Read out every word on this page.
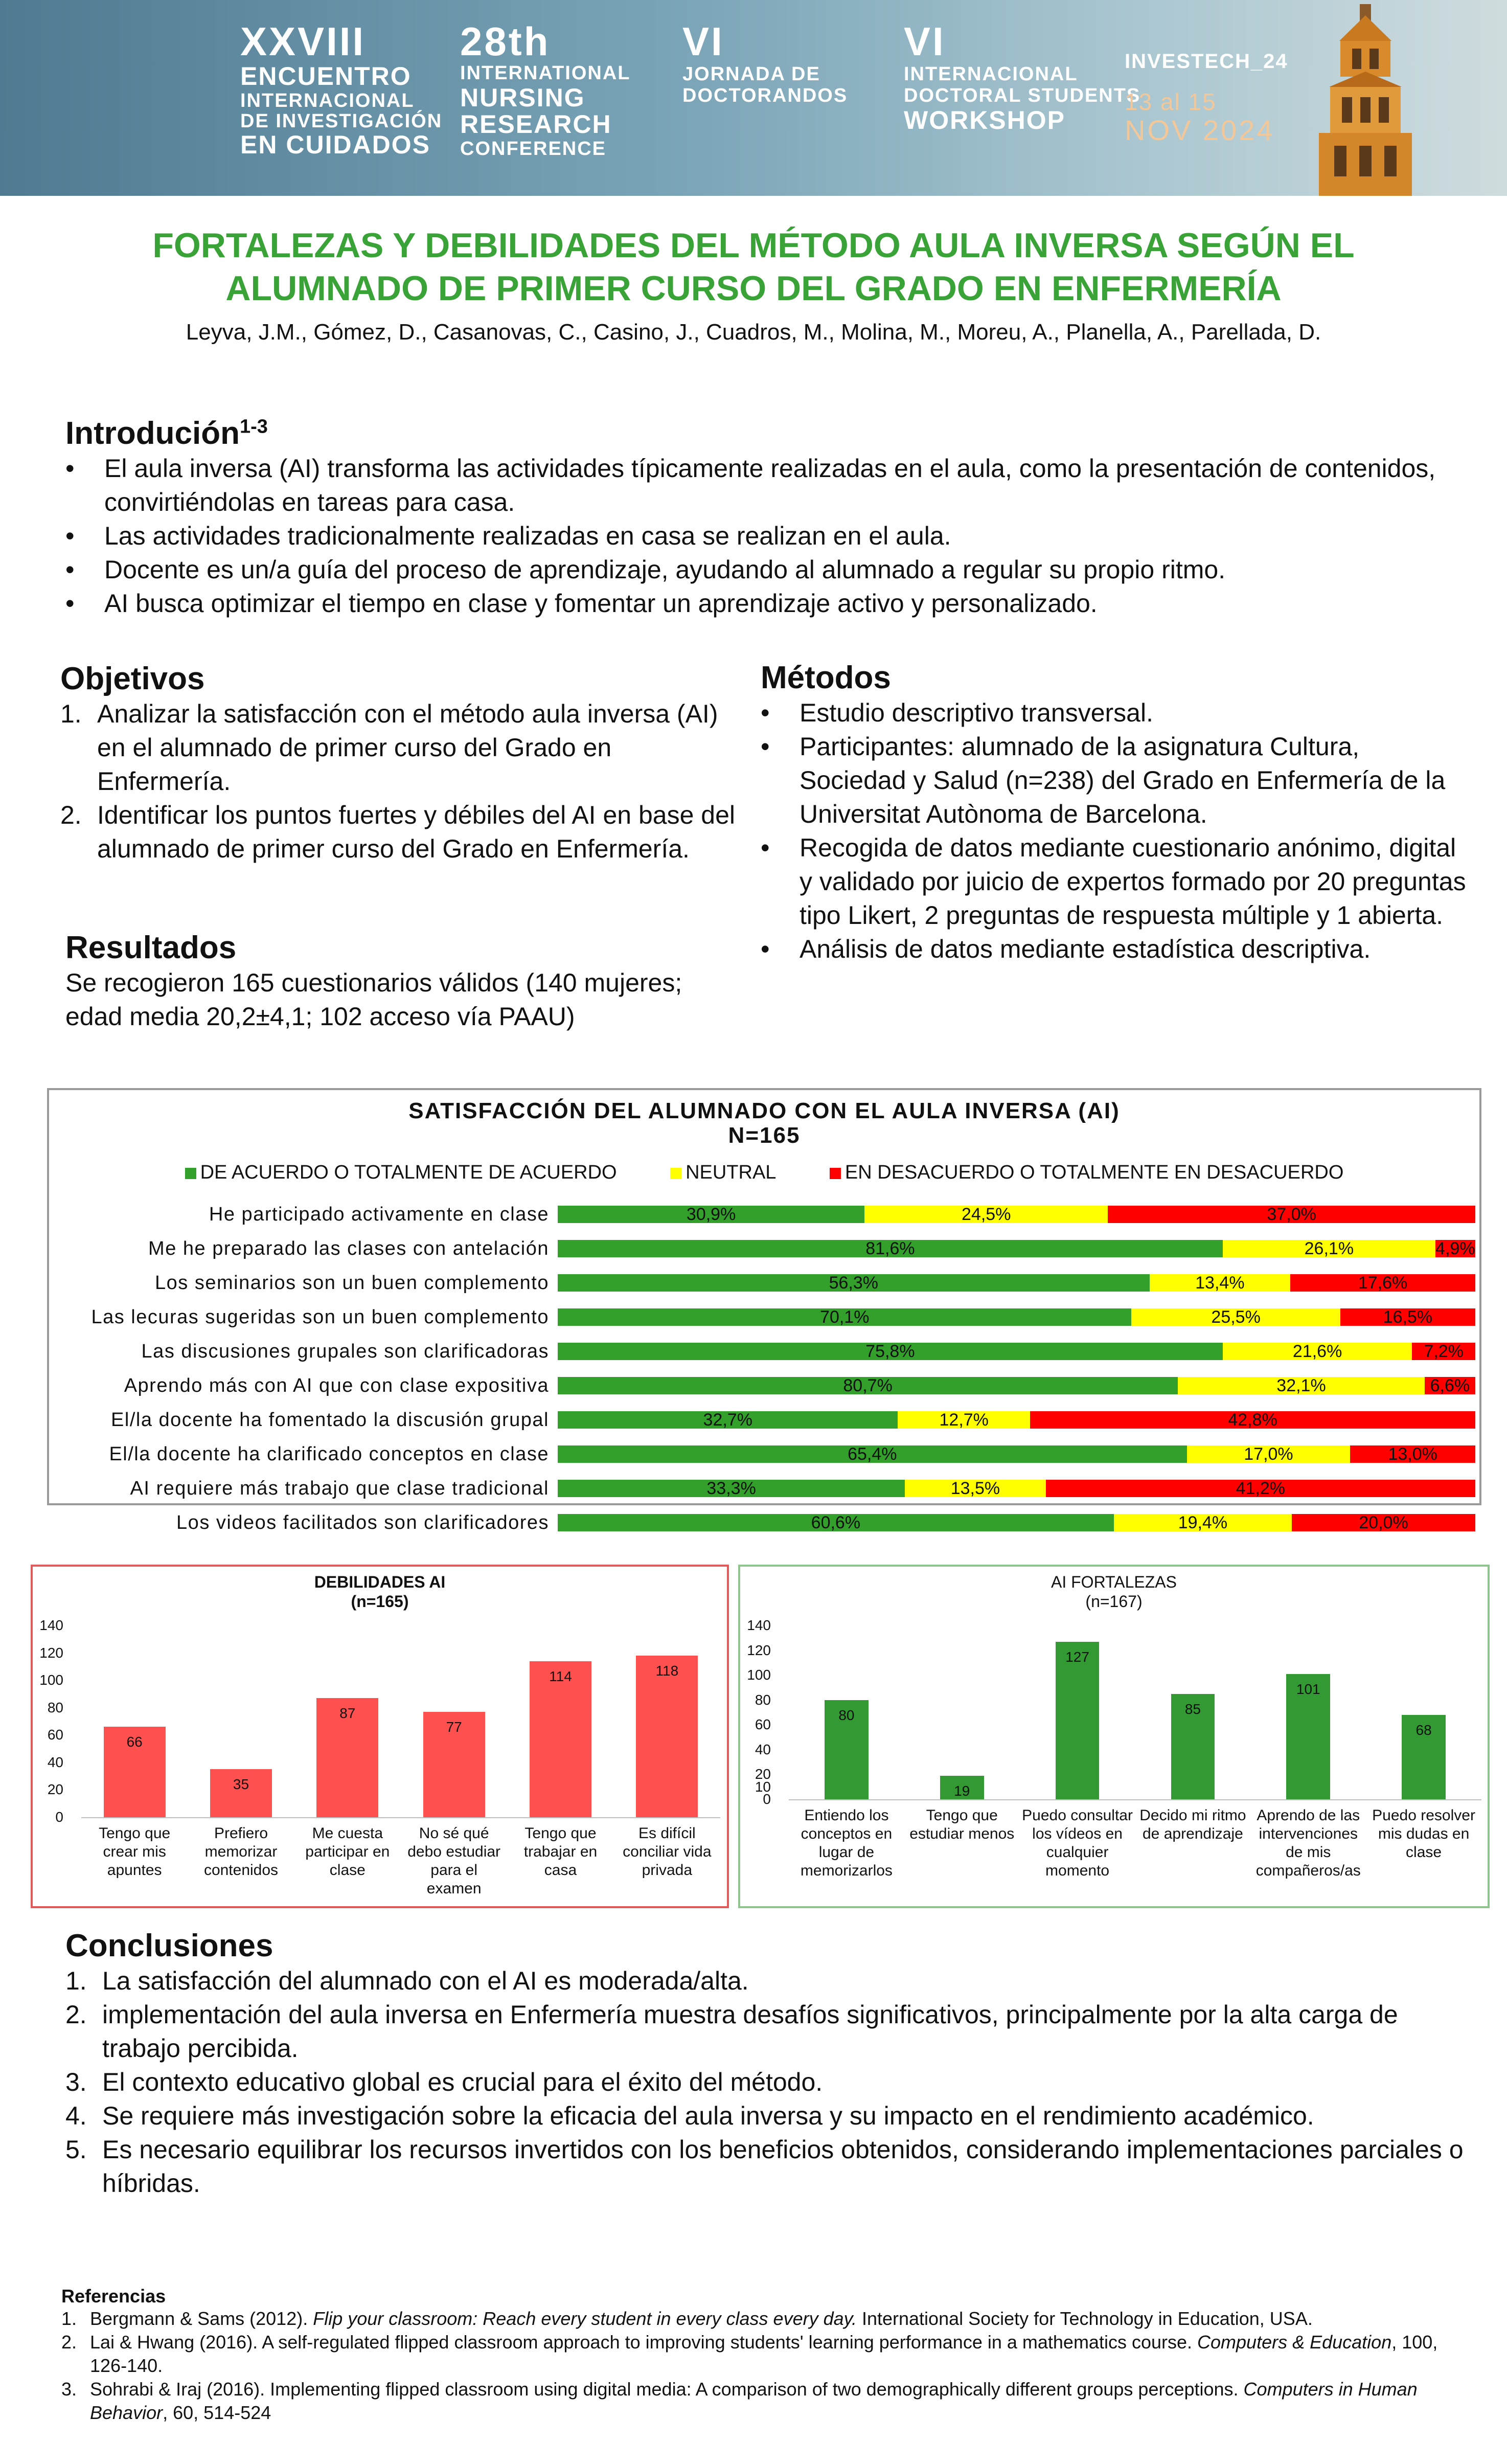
XXVIII
ENCUENTRO
INTERNACIONAL
DE INVESTIGACIÓN
EN CUIDADOS
28th
INTERNATIONAL
NURSING
RESEARCH
CONFERENCE
VI
JORNADA DE
DOCTORANDOS
VI
INTERNACIONAL
DOCTORAL STUDENTS
WORKSHOP
INVESTECH_24
13 al 15
NOV 2024
FORTALEZAS Y DEBILIDADES DEL MÉTODO AULA INVERSA SEGÚN EL ALUMNADO DE PRIMER CURSO DEL GRADO EN ENFERMERÍA
Leyva, J.M., Gómez, D., Casanovas, C., Casino, J., Cuadros, M., Molina, M., Moreu, A., Planella, A., Parellada, D.
Introdución$^{1-3}$
• El aula inversa (AI) transforma las actividades típicamente realizadas en el aula, como la presentación de contenidos, convirtiéndolas en tareas para casa.
• Las actividades tradicionalmente realizadas en casa se realizan en el aula.
• Docente es un/a guía del proceso de aprendizaje, ayudando al alumnado a regular su propio ritmo.
• AI busca optimizar el tiempo en clase y fomentar un aprendizaje activo y personalizado.
Objetivos
1. Analizar la satisfacción con el método aula inversa (AI) en el alumnado de primer curso del Grado en Enfermería.
2. Identificar los puntos fuertes y débiles del AI en base del alumnado de primer curso del Grado en Enfermería.
Resultados
Se recogieron 165 cuestionarios válidos (140 mujeres; edad media 20,2±4,1; 102 acceso vía PAAU)
Métodos
• Estudio descriptivo transversal.
• Participantes: alumnado de la asignatura Cultura, Sociedad y Salud (n=238) del Grado en Enfermería de la Universitat Autònoma de Barcelona.
• Recogida de datos mediante cuestionario anónimo, digital y validado por juicio de expertos formado por 20 preguntas tipo Likert, 2 preguntas de respuesta múltiple y 1 abierta.
• Análisis de datos mediante estadística descriptiva.
SATISFACCIÓN DEL ALUMNADO CON EL AULA INVERSA (AI)
N=165
DE ACUERDO O TOTALMENTE DE ACUERDO	NEUTRAL	EN DESACUERDO O TOTALMENTE EN DESACUERDO
He participado activamente en clase	30,9%	24,5%	37,0%
Me he preparado las clases con antelación	81,6%	26,1%	4,9%
Los seminarios son un buen complemento	56,3%	13,4%	17,6%
Las lecuras sugeridas son un buen complemento	70,1%	25,5%	16,5%
Las discusiones grupales son clarificadoras	75,8%	21,6%	7,2%
Aprendo más con AI que con clase expositiva	80,7%	32,1%	6,6%
El/la docente ha fomentado la discusión grupal	32,7%	12,7%	42,8%
El/la docente ha clarificado conceptos en clase	65,4%	17,0%	13,0%
AI requiere más trabajo que clase tradicional	33,3%	13,5%	41,2%
Los videos facilitados son clarificadores	60,6%	19,4%	20,0%
DEBILIDADES AI
(n=165)
0
20
40
60
80
100
120
140
66
Tengo que crear mis apuntes
35
Prefiero memorizar contenidos
87
Me cuesta participar en clase
77
No sé qué debo estudiar para el examen
114
Tengo que trabajar en casa
118
Es difícil conciliar vida privada
AI FORTALEZAS
(n=167)
0
10
20
40
60
80
100
120
140
80
Entiendo los conceptos en lugar de memorizarlos
19
Tengo que estudiar menos
127
Puedo consultar los vídeos en cualquier momento
85
Decido mi ritmo de aprendizaje
101
Aprendo de las intervenciones de mis compañeros/as
68
Puedo resolver mis dudas en clase
Conclusiones
1. La satisfacción del alumnado con el AI es moderada/alta.
2. implementación del aula inversa en Enfermería muestra desafíos significativos, principalmente por la alta carga de trabajo percibida.
3. El contexto educativo global es crucial para el éxito del método.
4. Se requiere más investigación sobre la eficacia del aula inversa y su impacto en el rendimiento académico.
5. Es necesario equilibrar los recursos invertidos con los beneficios obtenidos, considerando implementaciones parciales o híbridas.
Referencias
1. Bergmann & Sams (2012). Flip your classroom: Reach every student in every class every day. International Society for Technology in Education, USA.
2. Lai & Hwang (2016). A self-regulated flipped classroom approach to improving students' learning performance in a mathematics course. Computers & Education, 100, 126-140.
3. Sohrabi & Iraj (2016). Implementing flipped classroom using digital media: A comparison of two demographically different groups perceptions. Computers in Human Behavior, 60, 514-524
